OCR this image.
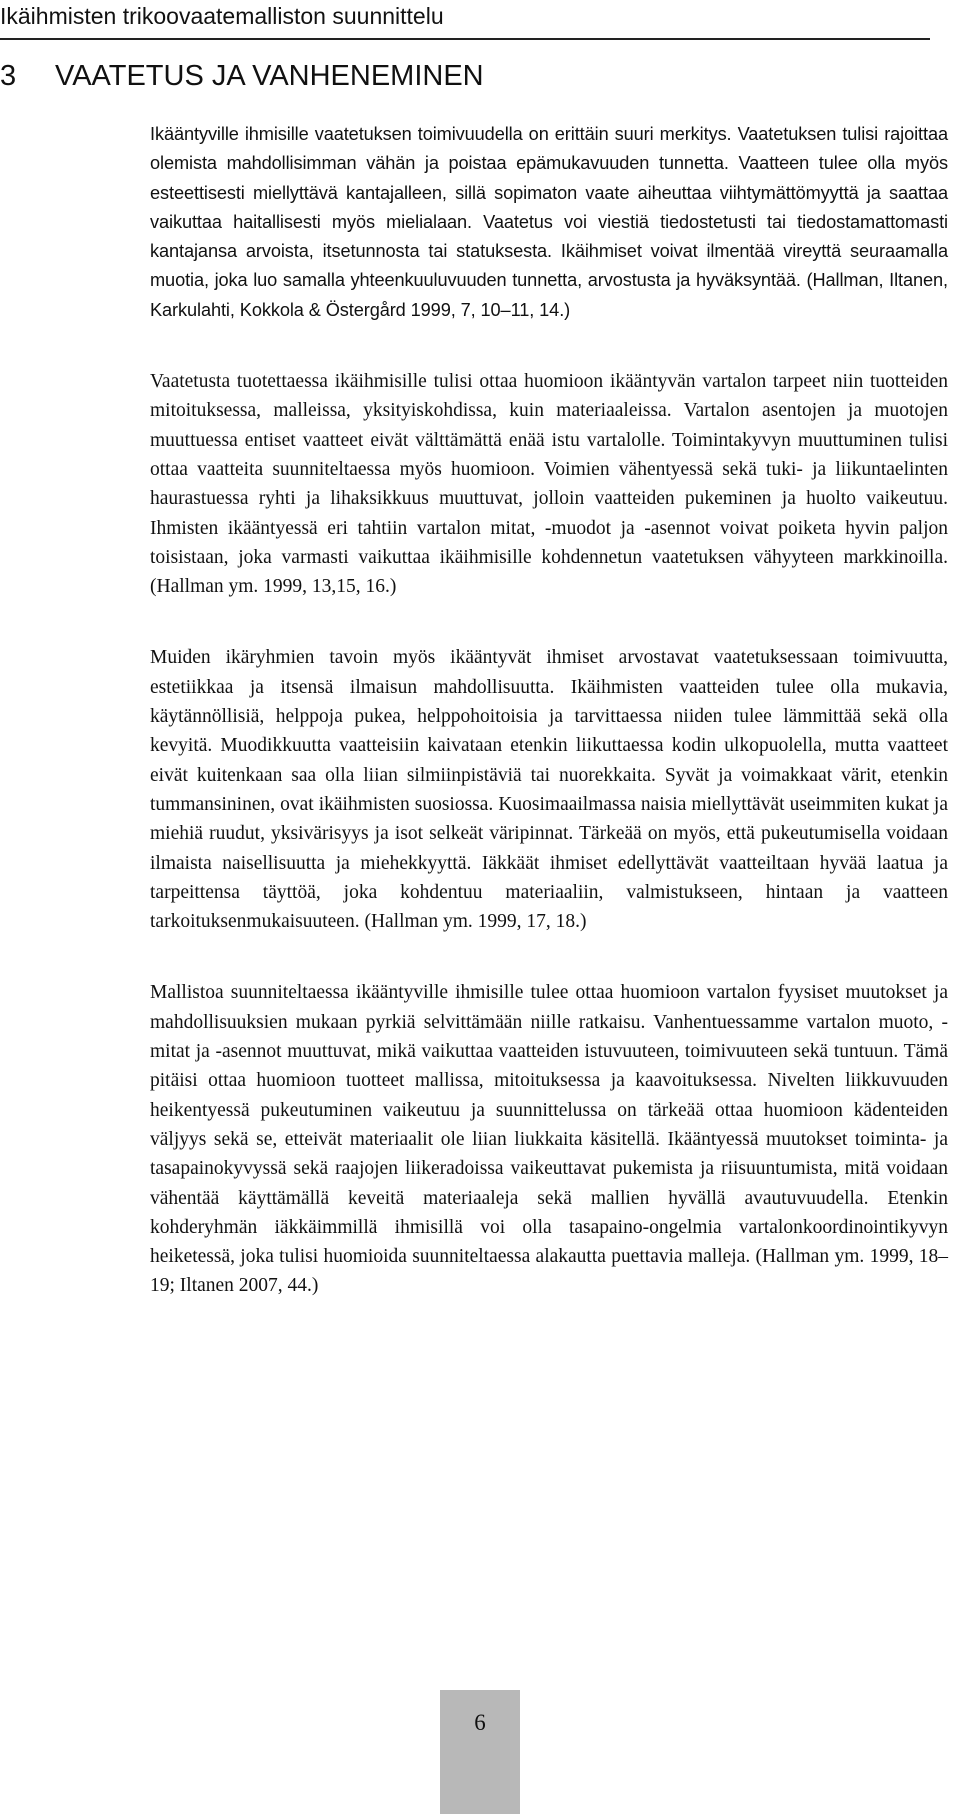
Ikäihmisten trikoovaatemalliston suunnittelu
3 VAATETUS JA VANHENEMINEN

Ikääntyville ihmisille vaatetuksen toimivuudella on erittäin suuri merkitys. Vaatetuksen tulisi rajoittaa olemista mahdollisimman vähän ja poistaa epämukavuuden tunnetta. Vaatteen tulee olla myös esteettisesti miellyttävä kantajalleen, sillä sopimaton vaate aiheuttaa viihtymättömyyttä ja saattaa vaikuttaa haitallisesti myös mielialaan. Vaatetus voi viestiä tiedostetusti tai tiedostamattomasti kantajansa arvoista, itsetunnosta tai statuksesta. Ikäihmiset voivat ilmentää vireyttä seuraamalla muotia, joka luo samalla yhteenkuuluvuuden tunnetta, arvostusta ja hyväksyntää. (Hallman, Iltanen, Karkulahti, Kokkola & Östergård 1999, 7, 10–11, 14.)

Vaatetusta tuotettaessa ikäihmisille tulisi ottaa huomioon ikääntyvän vartalon tarpeet niin tuotteiden mitoituksessa, malleissa, yksityiskohdissa, kuin materiaaleissa. Vartalon asentojen ja muotojen muuttuessa entiset vaatteet eivät välttämättä enää istu vartalolle. Toimintakyvyn muuttuminen tulisi ottaa vaatteita suunniteltaessa myös huomioon. Voimien vähentyessä sekä tuki- ja liikuntaelinten haurastuessa ryhti ja lihaksikkuus muuttuvat, jolloin vaatteiden pukeminen ja huolto vaikeutuu. Ihmisten ikääntyessä eri tahtiin vartalon mitat, -muodot ja -asennot voivat poiketa hyvin paljon toisistaan, joka varmasti vaikuttaa ikäihmisille kohdennetun vaatetuksen vähyyteen markkinoilla. (Hallman ym. 1999, 13,15, 16.)

Muiden ikäryhmien tavoin myös ikääntyvät ihmiset arvostavat vaatetuksessaan toimivuutta, estetiikkaa ja itsensä ilmaisun mahdollisuutta. Ikäihmisten vaatteiden tulee olla mukavia, käytännöllisiä, helppoja pukea, helppohoitoisia ja tarvittaessa niiden tulee lämmittää sekä olla kevyitä. Muodikkuutta vaatteisiin kaivataan etenkin liikuttaessa kodin ulkopuolella, mutta vaatteet eivät kuitenkaan saa olla liian silmiinpistäviä tai nuorekkaita. Syvät ja voimakkaat värit, etenkin tummansininen, ovat ikäihmisten suosiossa. Kuosimaailmassa naisia miellyttävät useimmiten kukat ja miehiä ruudut, yksivärisyys ja isot selkeät väripinnat. Tärkeää on myös, että pukeutumisella voidaan ilmaista naisellisuutta ja miehekkyyttä. Iäkkäät ihmiset edellyttävät vaatteiltaan hyvää laatua ja tarpeittensa täyttöä, joka kohdentuu materiaaliin, valmistukseen, hintaan ja vaatteen tarkoituksenmukaisuuteen. (Hallman ym. 1999, 17, 18.)

Mallistoa suunniteltaessa ikääntyville ihmisille tulee ottaa huomioon vartalon fyysiset muutokset ja mahdollisuuksien mukaan pyrkiä selvittämään niille ratkaisu. Vanhentuessamme vartalon muoto, -mitat ja -asennot muuttuvat, mikä vaikuttaa vaatteiden istuvuuteen, toimivuuteen sekä tuntuun. Tämä pitäisi ottaa huomioon tuotteet mallissa, mitoituksessa ja kaavoituksessa. Nivelten liikkuvuuden heikentyessä pukeutuminen vaikeutuu ja suunnittelussa on tärkeää ottaa huomioon kädenteiden väljyys sekä se, etteivät materiaalit ole liian liukkaita käsitellä. Ikääntyessä muutokset toiminta- ja tasapainokyvyssä sekä raajojen liikeradoissa vaikeuttavat pukemista ja riisuuntumista, mitä voidaan vähentää käyttämällä keveitä materiaaleja sekä mallien hyvällä avautuvuudella. Etenkin kohderyhmän iäkkäimmillä ihmisillä voi olla tasapaino-ongelmia vartalonkoordinointikyvyn heiketessä, joka tulisi huomioida suunniteltaessa alakautta puettavia malleja. (Hallman ym. 1999, 18–19; Iltanen 2007, 44.)

6
